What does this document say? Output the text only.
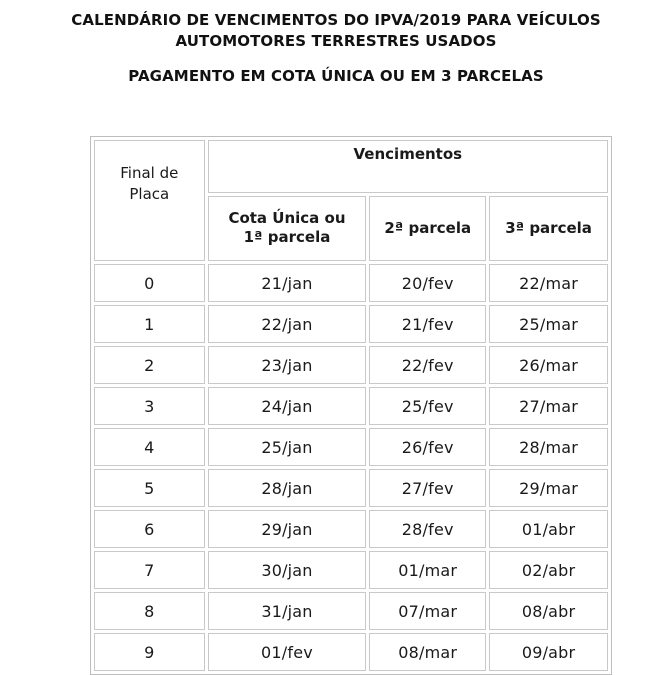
CALENDÁRIO DE VENCIMENTOS DO IPVA/2019 PARA VEÍCULOS
AUTOMOTORES TERRESTRES USADOS
PAGAMENTO EM COTA ÚNICA OU EM 3 PARCELAS
Final de
Placa	Vencimentos		

	Cota Única ou
1ª parcela	2ª parcela	3ª parcela
0	21/jan	20/fev	22/mar
1	22/jan	21/fev	25/mar
2	23/jan	22/fev	26/mar
3	24/jan	25/fev	27/mar
4	25/jan	26/fev	28/mar
5	28/jan	27/fev	29/mar
6	29/jan	28/fev	01/abr
7	30/jan	01/mar	02/abr
8	31/jan	07/mar	08/abr
9	01/fev	08/mar	09/abr
